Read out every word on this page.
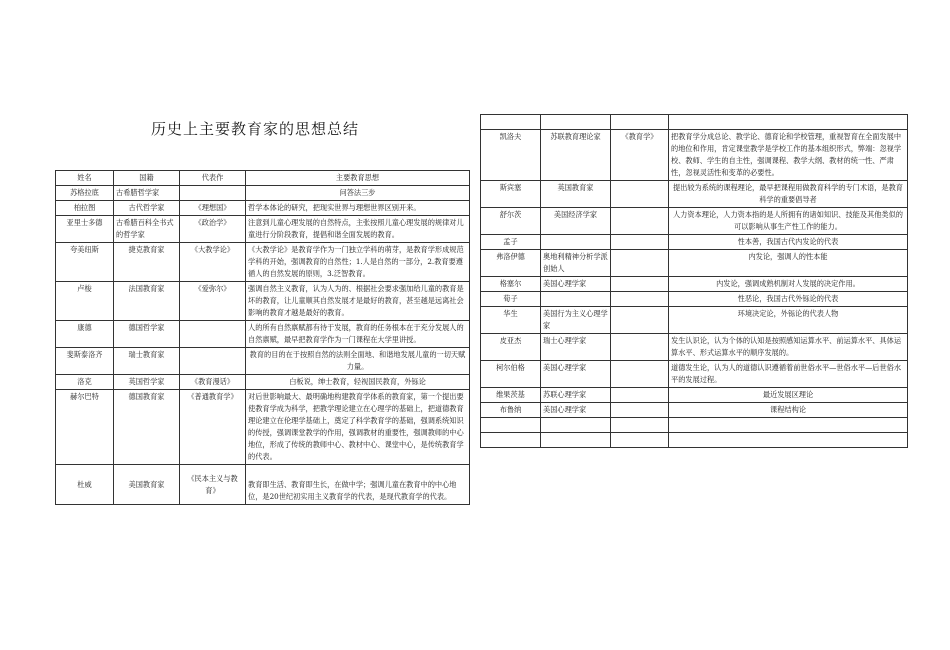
历史上主要教育家的思想总结
姓名	国籍	代表作	主要教育思想
苏格拉底	古希腊哲学家		问答法三步
柏拉图	古代哲学家	《理想国》	哲学本体论的研究，把现实世界与理想世界区别开来。
亚里士多德	古希腊百科全书式的哲学家	《政治学》	注意到儿童心理发展的自然特点，主张按照儿童心理发展的规律对儿童进行分阶段教育，提倡和谐全面发展的教育。
夸美纽斯	捷克教育家	《大教学论》	《大教学论》是教育学作为一门独立学科的萌芽，是教育学形成规范学科的开始，强调教育的自然性；1.人是自然的一部分，2.教育要遵循人的自然发展的原则，3.泛智教育。
卢梭	法国教育家	《爱弥尔》	强调自然主义教育，认为人为的、根据社会要求强加给儿童的教育是坏的教育，让儿童顺其自然发展才是最好的教育，甚至越是远离社会影响的教育才越是最好的教育。
康德	德国哲学家		人的所有自然禀赋都有待于发展，教育的任务根本在于充分发展人的自然禀赋，最早把教育学作为一门课程在大学里讲授。
斐斯泰洛齐	瑞士教育家		教育的目的在于按照自然的法则全面地、和谐地发展儿童的一切天赋力量。
洛克	英国哲学家	《教育漫话》	白板说，绅士教育，轻视国民教育，外铄论
赫尔巴特	德国教育家	《普通教育学》	对后世影响最大、最明确地构建教育学体系的教育家，第一个提出要使教育学成为科学，把教学理论建立在心理学的基础上，把道德教育理论建立在伦理学基础上，奠定了科学教育学的基础，强调系统知识的传授，强调课堂教学的作用，强调教材的重要性，强调教师的中心地位，形成了传统的教师中心、教材中心、课堂中心，是传统教育学的代表。
杜威	美国教育家	《民本主义与教育》	教育即生活、教育即生长，在做中学；强调儿童在教育中的中心地位，是20世纪初实用主义教育学的代表，是现代教育学的代表。

凯洛夫	苏联教育理论家	《教育学》	把教育学分成总论、教学论、德育论和学校管理，重视智育在全面发展中的地位和作用，肯定课堂教学是学校工作的基本组织形式，弊端：忽视学校、教师、学生的自主性，强调课程、教学大纲、教材的统一性、严肃性，忽视灵活性和变革的必要性。
斯宾塞	英国教育家		提出较为系统的课程理论，最早把课程用做教育科学的专门术语，是教育科学的重要倡导者
舒尔茨	美国经济学家		人力资本理论，人力资本指的是人所拥有的诸如知识、技能及其他类似的可以影响从事生产性工作的能力。
孟子			性本善，我国古代内发论的代表
弗洛伊德	奥地利精神分析学派创始人		内发论，强调人的性本能
格塞尔	美国心理学家		内发论，强调成熟机制对人发展的决定作用。
荀子			性恶论，我国古代外铄论的代表
华生	美国行为主义心理学家		环境决定论，外铄论的代表人物
皮亚杰	瑞士心理学家		发生认识论，认为个体的认知是按照感知运算水平、前运算水平、具体运算水平、形式运算水平的顺序发展的。
柯尔伯格	美国心理学家		道德发生论，认为人的道德认识遵循着前世俗水平—世俗水平—后世俗水平的发展过程。
维果茨基	苏联心理学家		最近发展区理论
布鲁纳	美国心理学家		课程结构论
